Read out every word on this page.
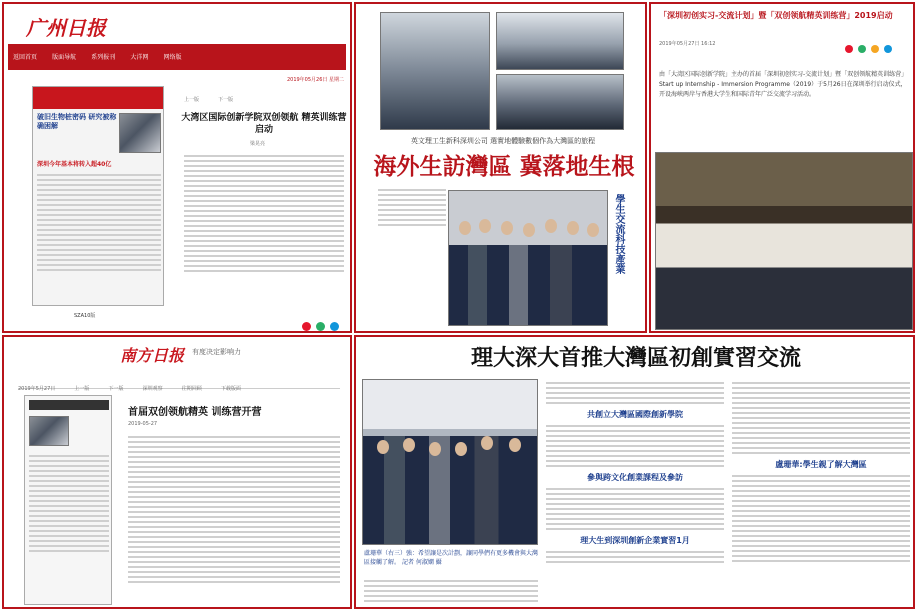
广州日报
返回首页	版面导航	系列报刊	大洋网	网络版
微信公众号	2019年05月26日 星期二
破旧生物桩密码 研究被称确困解
深圳今年基本将转入超40亿
SZA10版
上一版	下一版
大湾区国际创新学院双创领航 精英训练营启动
梁晃亮
	英文理工生新科深圳公司 選實地體驗數個作為大灣區的旅程
海外生訪灣區 冀落地生根
學生交流科技產業
「深圳初创实习-交流计划」暨「双创领航精英训练营」2019启动
2019年05月27日 16:12

由「大湾区国际创新学院」主办的首届「深圳初创实习-交流计划」暨「双创领航精英训练营」Start up Internship - Immersion Programme（2019）于5月26日在深圳举行启动仪式，开设海峡两岸与香港大学生和国际青年广泛交流学习活动。
南方日报 有度决定影响力
2019年5月27日	上一版	下一版	深圳观察	往期回顾	下载版面
首届双创领航精英 训练营开营
2019-05-27
理大深大首推大灣區初創實習交流
盧珊華（右三）強：希望讓是次計劃，讓同學們有更多機會與大灣區接觸了解。 記者 何淑嫻 攝
共創立大灣區國際創新學院
參與跨文化創業課程及參訪
理大生到深圳創新企業實習1月
盧珊華:學生親了解大灣區
